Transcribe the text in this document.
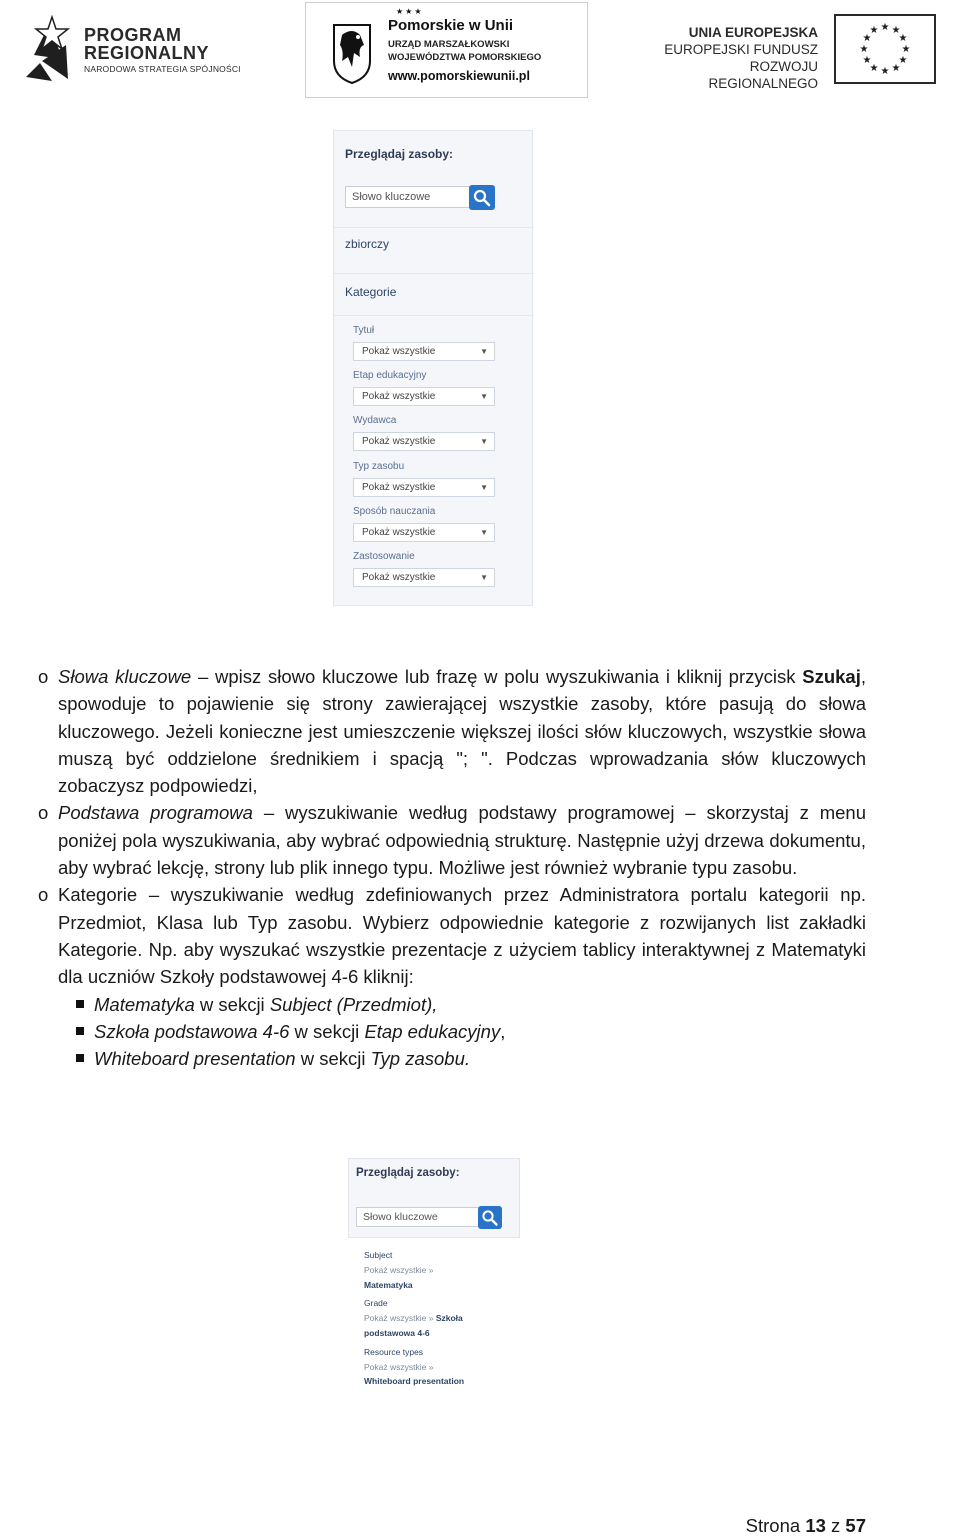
PROGRAM
REGIONALNY
NARODOWA STRATEGIA SPÓJNOŚCI
★★★
Pomorskie w Unii
URZĄD MARSZAŁKOWSKI
WOJEWÓDZTWA POMORSKIEGO
www.pomorskiewunii.pl
UNIA EUROPEJSKA
EUROPEJSKI FUNDUSZ
ROZWOJU REGIONALNEGO
★ ★
★
★
★
★
★
★
★
★
★
★
Przeglądaj zasoby:
Słowo kluczowe
zbiorczy
Kategorie
Tytuł
Pokaż wszystkie	▼
Etap edukacyjny
Pokaż wszystkie	▼
Wydawca
Pokaż wszystkie	▼
Typ zasobu
Pokaż wszystkie	▼
Sposób nauczania
Pokaż wszystkie	▼
Zastosowanie
Pokaż wszystkie	▼
o Słowa kluczowe – wpisz słowo kluczowe lub frazę w polu wyszukiwania i kliknij przycisk Szukaj, spowoduje to pojawienie się strony zawierającej wszystkie zasoby, które pasują do słowa kluczowego. Jeżeli konieczne jest umieszczenie większej ilości słów kluczowych, wszystkie słowa muszą być oddzielone średnikiem i spacją "; ". Podczas wprowadzania słów kluczowych zobaczysz podpowiedzi,
o Podstawa programowa – wyszukiwanie według podstawy programowej – skorzystaj z menu poniżej pola wyszukiwania, aby wybrać odpowiednią strukturę. Następnie użyj drzewa dokumentu, aby wybrać lekcję, strony lub plik innego typu. Możliwe jest również wybranie typu zasobu.
o Kategorie – wyszukiwanie według zdefiniowanych przez Administratora portalu kategorii np. Przedmiot, Klasa lub Typ zasobu. Wybierz odpowiednie kategorie z rozwijanych list zakładki Kategorie. Np. aby wyszukać wszystkie prezentacje z użyciem tablicy interaktywnej z Matematyki dla uczniów Szkoły podstawowej 4-6 kliknij:
Matematyka w sekcji Subject (Przedmiot),
Szkoła podstawowa 4-6 w sekcji Etap edukacyjny,
Whiteboard presentation w sekcji Typ zasobu.
Przeglądaj zasoby:
Słowo kluczowe
Subject
Pokaż wszystkie »
Matematyka
Grade
Pokaż wszystkie » Szkoła
podstawowa 4-6
Resource types
Pokaż wszystkie »
Whiteboard presentation
Strona 13 z 57
